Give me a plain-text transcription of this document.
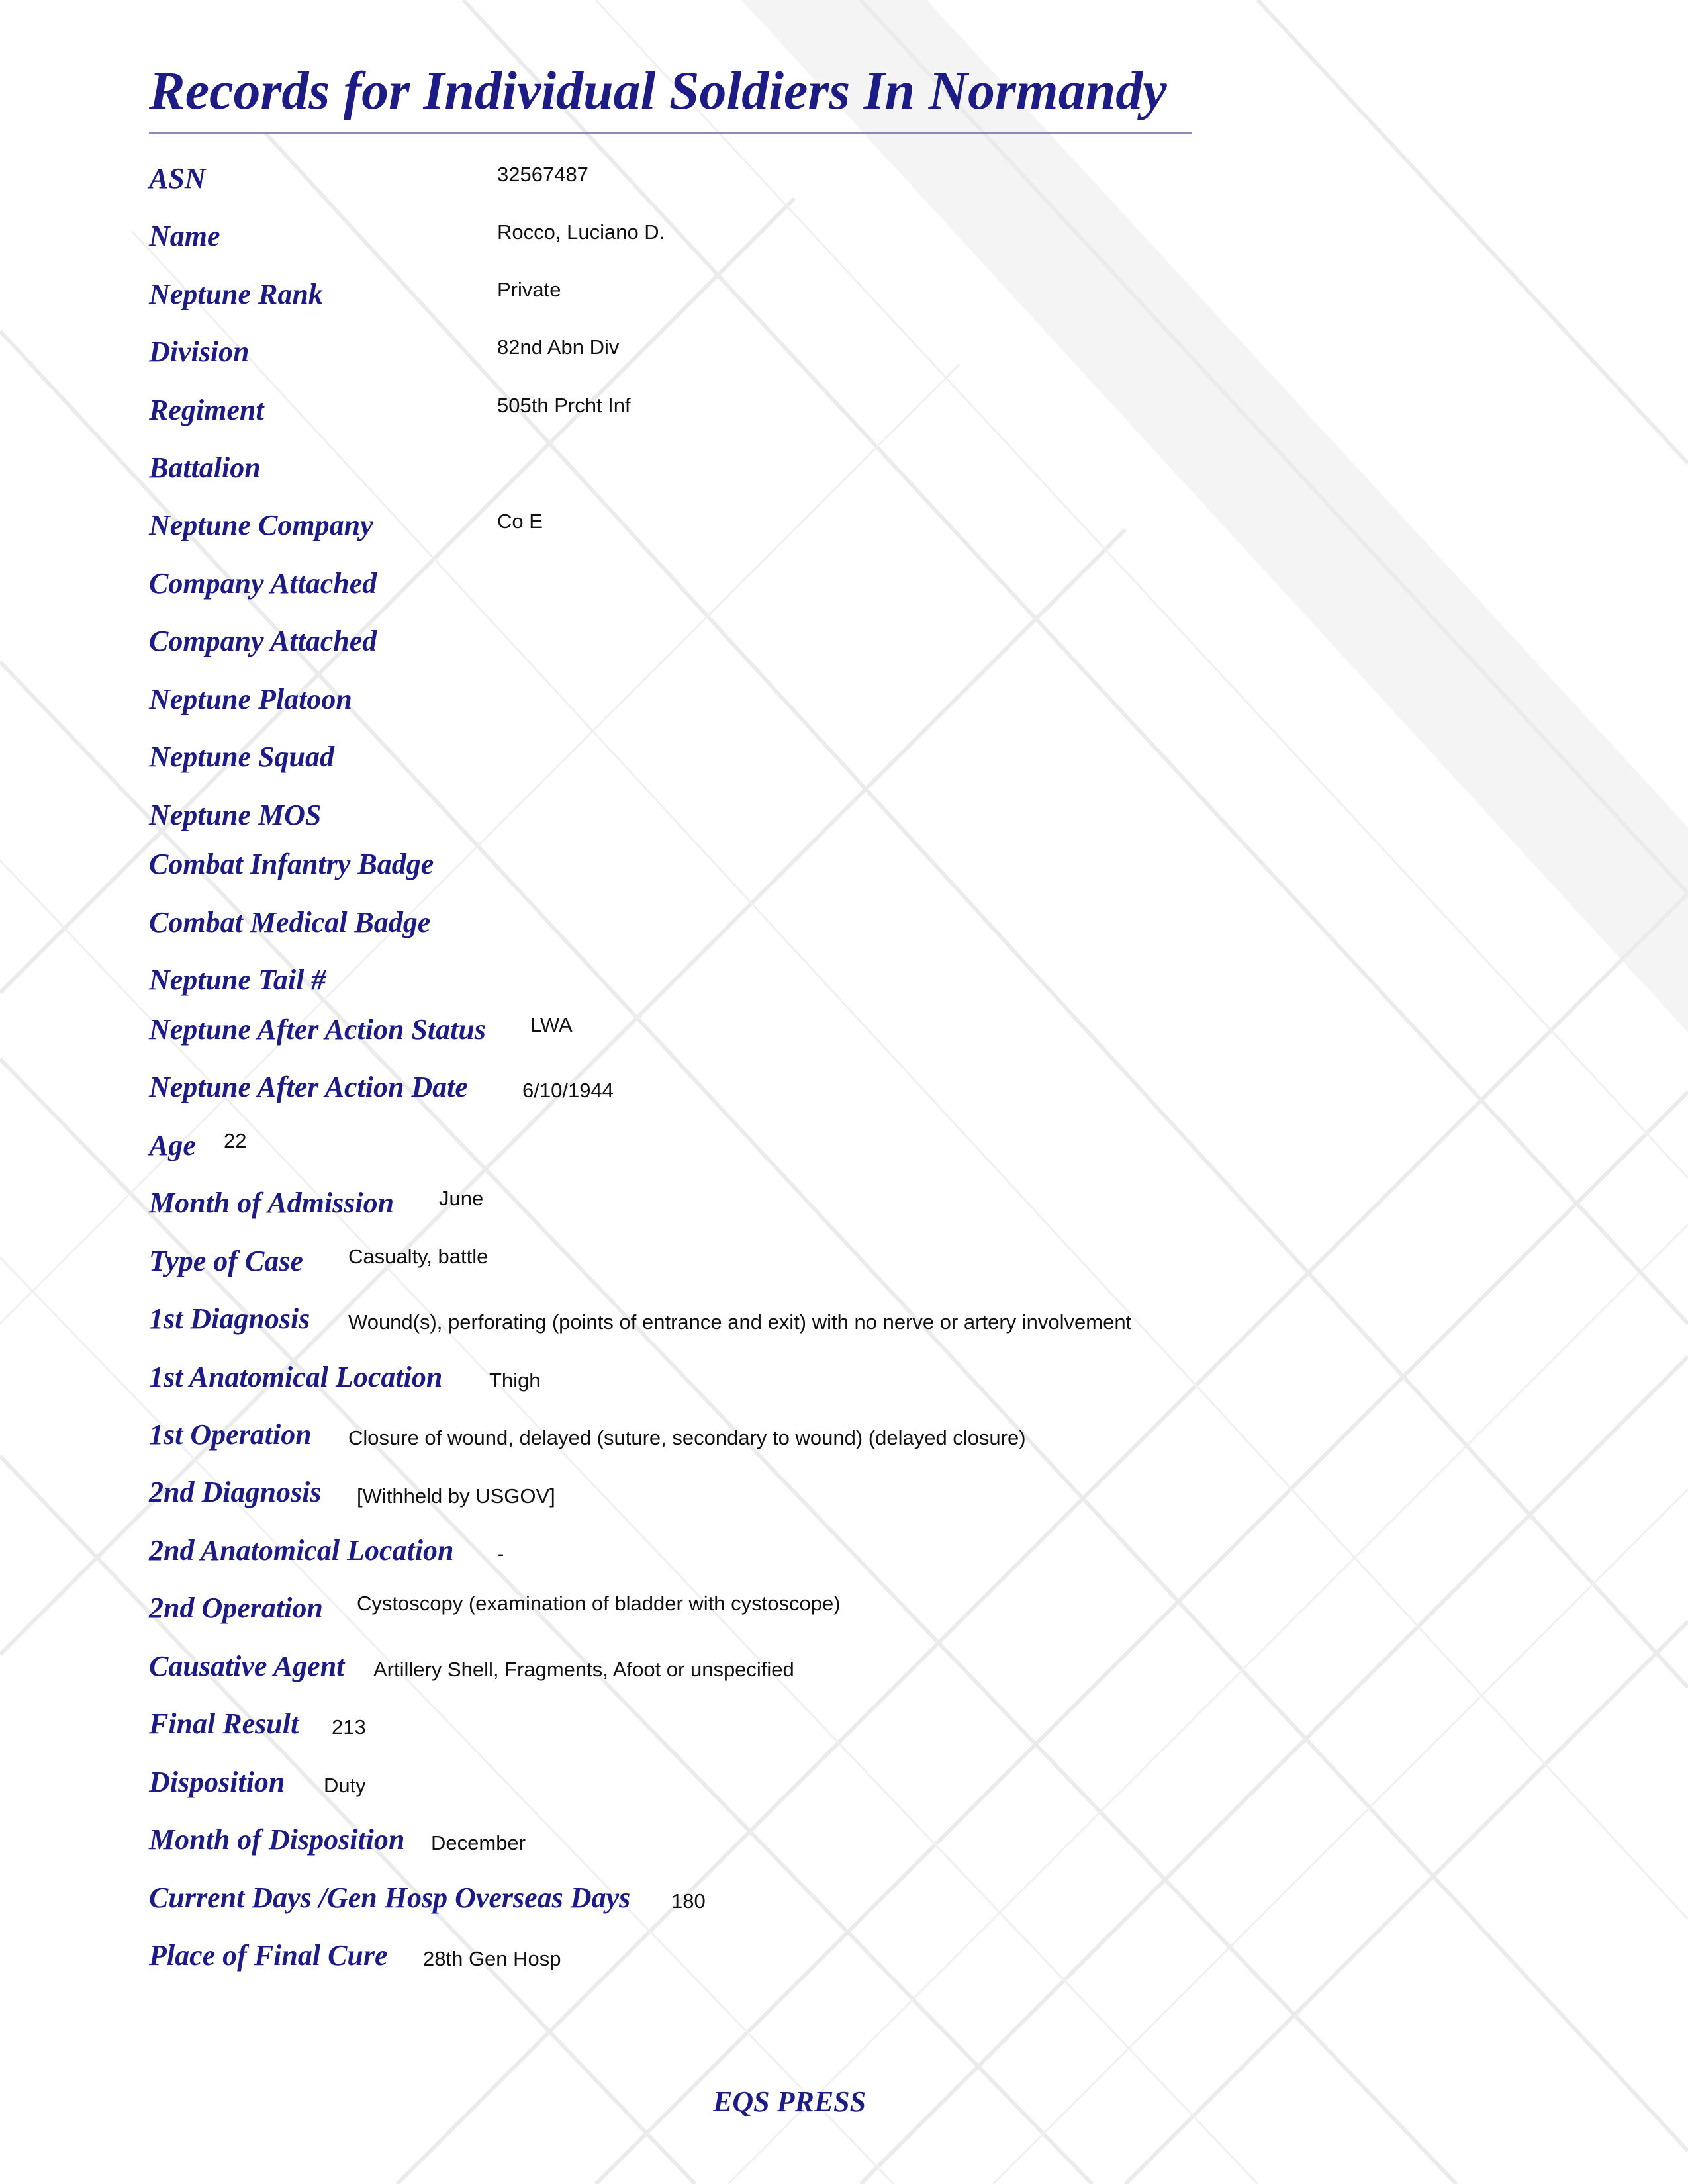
Records for Individual Soldiers In Normandy
ASN	32567487
Name	Rocco, Luciano D.
Neptune Rank	Private
Division	82nd Abn Div
Regiment	505th Prcht Inf
Battalion
Neptune Company	Co E
Company Attached
Company Attached
Neptune Platoon
Neptune Squad
Neptune MOS
Combat Infantry Badge
Combat Medical Badge
Neptune Tail #
Neptune After Action Status LWA
Neptune After Action Date	6/10/1944
Age 22
Month of Admission June
Type of Case Casualty, battle
1st Diagnosis Wound(s), perforating (points of entrance and exit) with no nerve or artery involvement
1st Anatomical Location Thigh
1st Operation Closure of wound, delayed (suture, secondary to wound) (delayed closure)
2nd Diagnosis [Withheld by USGOV]
2nd Anatomical Location -
2nd Operation Cystoscopy (examination of bladder with cystoscope)
Causative Agent Artillery Shell, Fragments, Afoot or unspecified
Final Result 213
Disposition Duty
Month of Disposition December
Current Days /Gen Hosp Overseas Days 180
Place of Final Cure 28th Gen Hosp
EQS PRESS
